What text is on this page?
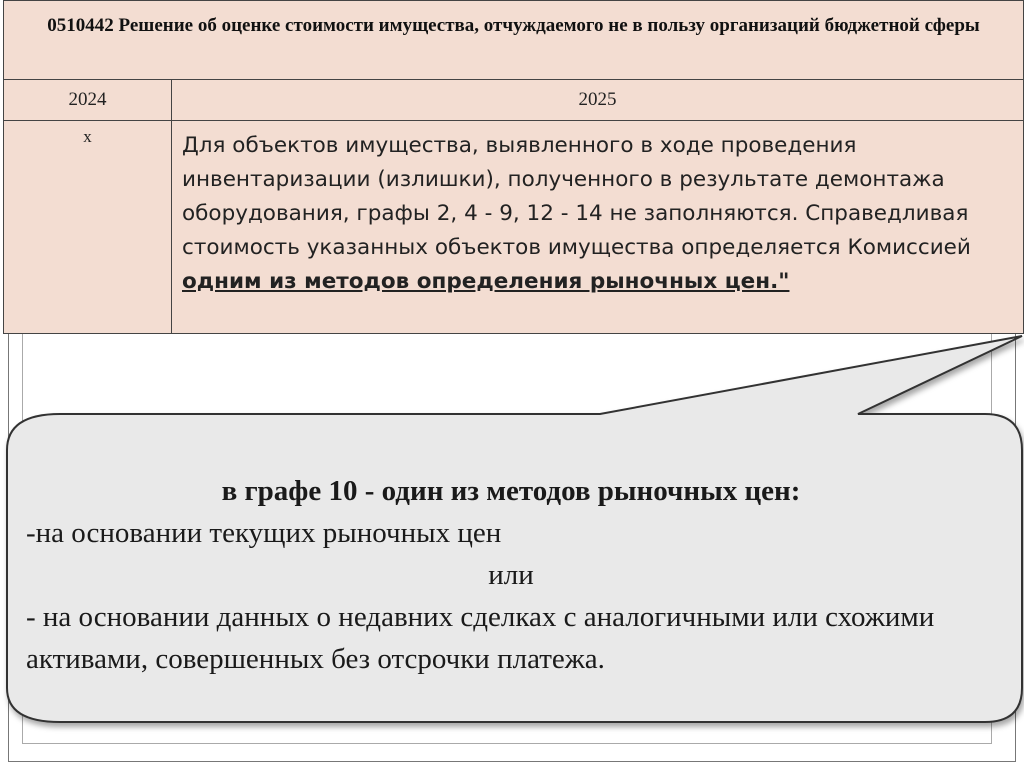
0510442 Решение об оценке стоимости имущества, отчуждаемого не в пользу организаций бюджетной сферы
2024	2025
x	Для объектов имущества, выявленного в ходе проведения инвентаризации (излишки), полученного в результате демонтажа оборудования, графы 2, 4 - 9, 12 - 14 не заполняются. Справедливая стоимость указанных объектов имущества определяется Комиссией одним из методов определения рыночных цен."
в графе 10 - один из методов рыночных цен:
-на основании текущих рыночных цен
или
- на основании данных о недавних сделках с аналогичными или схожими активами, совершенных без отсрочки платежа.
